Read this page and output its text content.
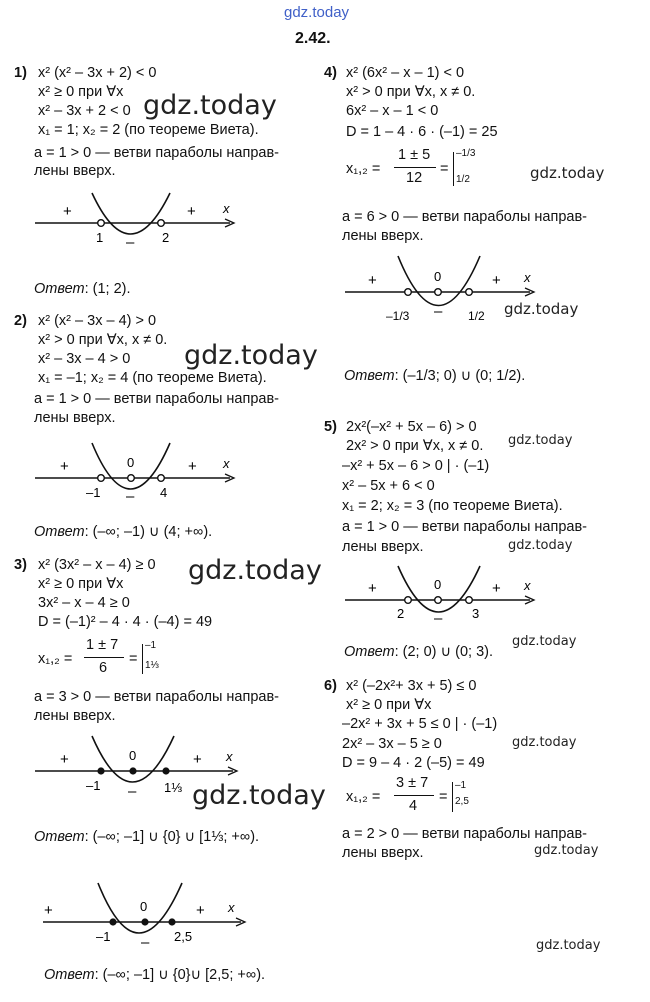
gdz.today
2.42.
1) x² (x² – 3x + 2) < 0
x² ≥ 0 при ∀x
x² – 3x + 2 < 0
x₁ = 1; x₂ = 2 (по теореме Виета).
a = 1 > 0 — ветви параболы направ-
лены вверх.
+
–
+
1	2
x
Ответ: (1; 2).
2) x² (x² – 3x – 4) > 0
x² > 0 при ∀x, x ≠ 0.
x² – 3x – 4 > 0
x₁ = –1; x₂ = 4 (по теореме Виета).
a = 1 > 0 — ветви параболы направ-
лены вверх.
+	0
–
+
–1	4
x
Ответ: (–∞; –1) ∪ (4; +∞).
3) x² (3x² – x – 4) ≥ 0
x² ≥ 0 при ∀x
3x² – x – 4 ≥ 0
D = (–1)² – 4 · 4 · (–4) = 49
x₁,₂ =
1 ± 7
6
=
–1
1⅓
a = 3 > 0 — ветви параболы направ-
лены вверх.
+	0
–
+
–1	1⅓
x
Ответ: (–∞; –1] ∪ {0} ∪ [1⅓; +∞).
+	0
–
+
–1	2,5
x
Ответ: (–∞; –1] ∪ {0}∪ [2,5; +∞).
4) x² (6x² – x – 1) < 0
x² > 0 при ∀x, x ≠ 0.
6x² – x – 1 < 0
D = 1 – 4 · 6 · (–1) = 25
x₁,₂ =
1 ± 5
12
=
–1/3
1/2
a = 6 > 0 — ветви параболы направ-
лены вверх.
+	0
–
+
–1/3	1/2
x
Ответ: (–1/3; 0) ∪ (0; 1/2).
5) 2x²(–x² + 5x – 6) > 0
2x² > 0 при ∀x, x ≠ 0.
–x² + 5x – 6 > 0 | · (–1)
x² – 5x + 6 < 0
x₁ = 2; x₂ = 3 (по теореме Виета).
a = 1 > 0 — ветви параболы направ-
лены вверх.
+	0
–
+
2	3
x
Ответ: (2; 0) ∪ (0; 3).
6) x² (–2x²+ 3x + 5) ≤ 0
x² ≥ 0 при ∀x
–2x² + 3x + 5 ≤ 0 | · (–1)
2x² – 3x – 5 ≥ 0
D = 9 – 4 · 2 (–5) = 49
x₁,₂ =
3 ± 7
4
=
–1
2,5
a = 2 > 0 — ветви параболы направ-
лены вверх.
gdz.today
gdz.today
gdz.today
gdz.today
gdz.today
gdz.today
gdz.today
gdz.today
gdz.today
gdz.today
gdz.today
gdz.today
